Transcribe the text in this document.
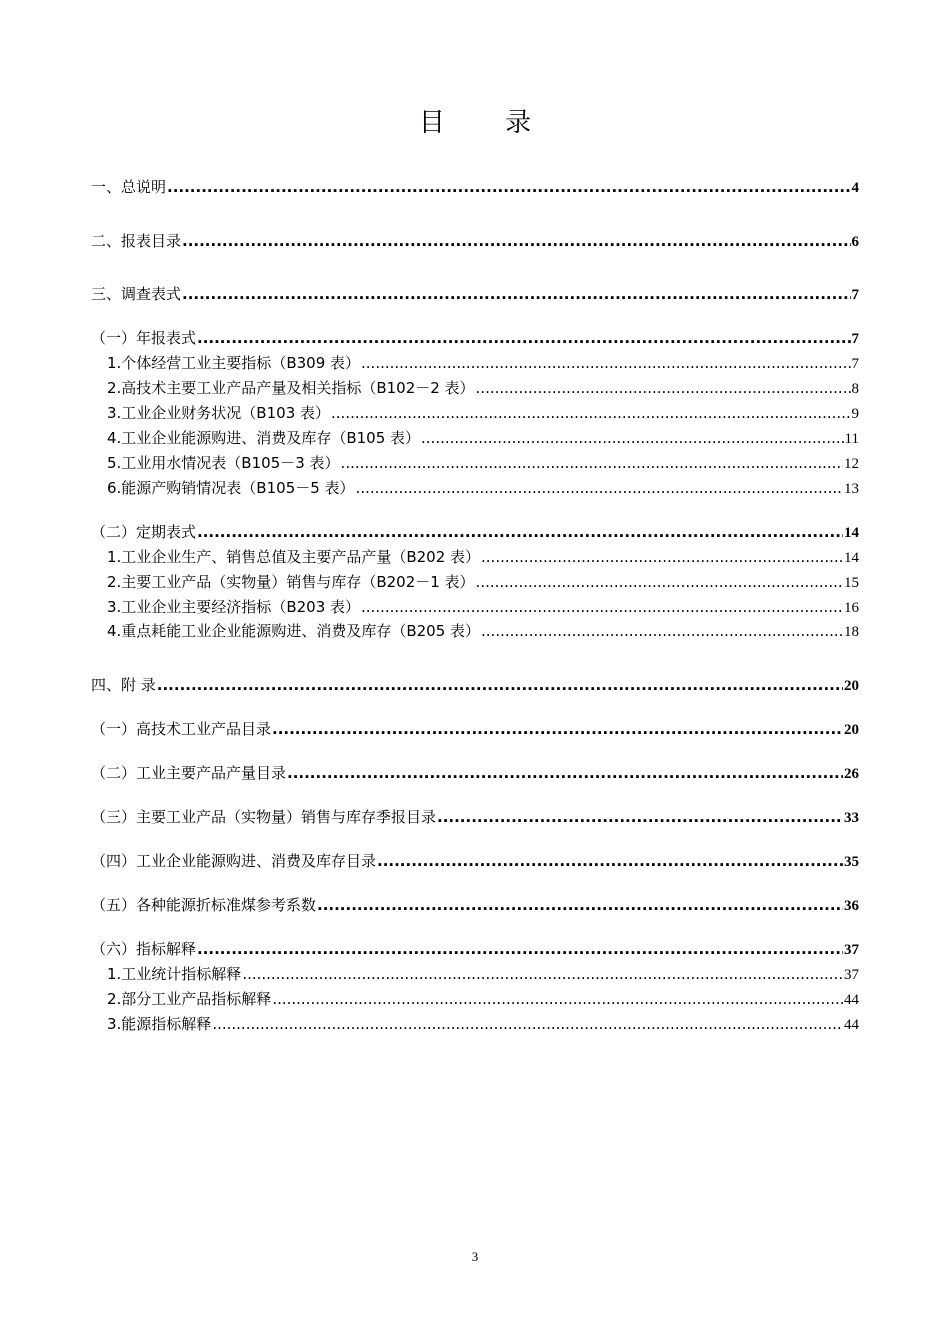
目 录
一、总说明 .....	4
二、报表目录 .....	6
三、调查表式 .....	7
（一）年报表式 .....	7
1.个体经营工业主要指标（B309 表） .....	7
2.高技术主要工业产品产量及相关指标（B102－2 表） .....	8
3.工业企业财务状况（B103 表） .....	9
4.工业企业能源购进、消费及库存（B105 表） .....	11
5.工业用水情况表（B105－3 表） .....	12
6.能源产购销情况表（B105－5 表） .....	13
（二）定期表式 .....	14
1.工业企业生产、销售总值及主要产品产量（B202 表） .....	14
2.主要工业产品（实物量）销售与库存（B202－1 表） .....	15
3.工业企业主要经济指标（B203 表） .....	16
4.重点耗能工业企业能源购进、消费及库存（B205 表） .....	18
四、附 录 .....	20
（一）高技术工业产品目录 .....	20
（二）工业主要产品产量目录 .....	26
（三）主要工业产品（实物量）销售与库存季报目录 .....	33
（四）工业企业能源购进、消费及库存目录 .....	35
（五）各种能源折标准煤参考系数 .....	36
（六）指标解释 .....	37
1.工业统计指标解释 .....	37
2.部分工业产品指标解释 .....	44
3.能源指标解释 .....	44
3
